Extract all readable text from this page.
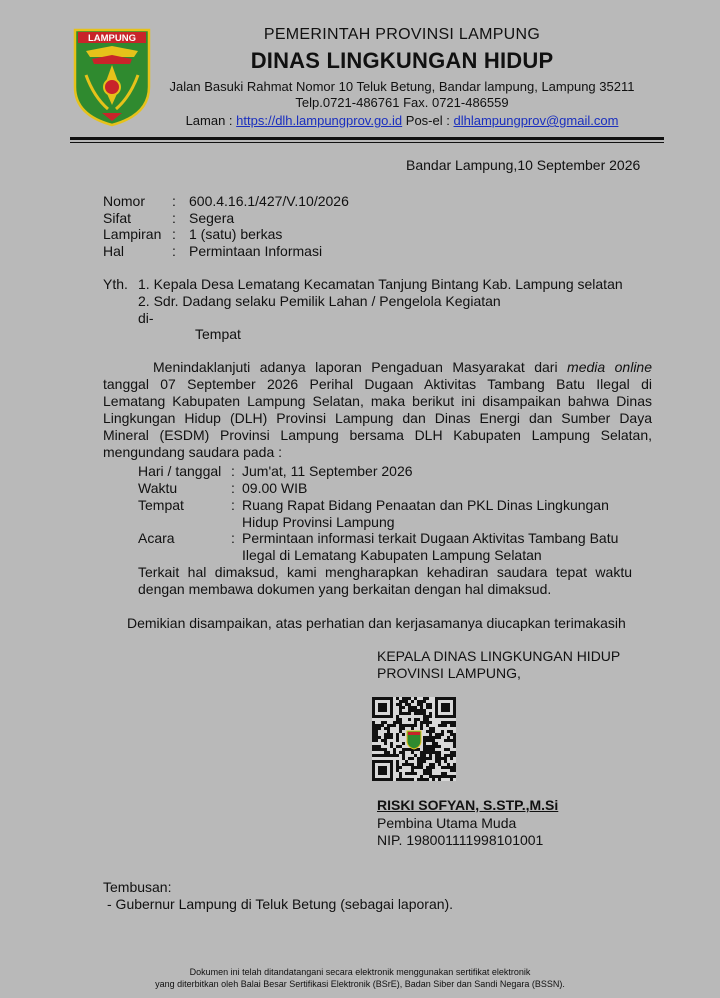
LAMPUNG	PEMERINTAH PROVINSI LAMPUNG
DINAS LINGKUNGAN HIDUP
Jalan Basuki Rahmat Nomor 10 Teluk Betung, Bandar lampung, Lampung 35211
Telp.0721-486761 Fax. 0721-486559
Laman : https://dlh.lampungprov.go.id Pos-el : dlhlampungprov@gmail.com
Bandar Lampung,10 September 2026
Nomor : 600.4.16.1/427/V.10/2026
Sifat	: Segera
Lampiran : 1 (satu) berkas
Hal	: Permintaan Informasi
Yth. 1. Kepala Desa Lematang Kecamatan Tanjung Bintang Kab. Lampung selatan
2. Sdr. Dadang selaku Pemilik Lahan / Pengelola Kegiatan
di-
Tempat
Menindaklanjuti adanya laporan Pengaduan Masyarakat dari media online
tanggal 07 September 2026 Perihal Dugaan Aktivitas Tambang Batu Ilegal di
Lematang Kabupaten Lampung Selatan, maka berikut ini disampaikan bahwa Dinas
Lingkungan Hidup (DLH) Provinsi Lampung dan Dinas Energi dan Sumber Daya
Mineral (ESDM) Provinsi Lampung bersama DLH Kabupaten Lampung Selatan,
mengundang saudara pada :
Hari / tanggal : Jum'at, 11 September 2026
Waktu	: 09.00 WIB
Tempat	: Ruang Rapat Bidang Penaatan dan PKL Dinas Lingkungan
Hidup Provinsi Lampung
Acara	: Permintaan informasi terkait Dugaan Aktivitas Tambang Batu
Ilegal di Lematang Kabupaten Lampung Selatan
Terkait hal dimaksud, kami mengharapkan kehadiran saudara tepat waktu
dengan membawa dokumen yang berkaitan dengan hal dimaksud.
Demikian disampaikan, atas perhatian dan kerjasamanya diucapkan terimakasih
KEPALA DINAS LINGKUNGAN HIDUP
PROVINSI LAMPUNG,
RISKI SOFYAN, S.STP.,M.Si
Pembina Utama Muda
NIP. 198001111998101001
Tembusan:
- Gubernur Lampung di Teluk Betung (sebagai laporan).
Dokumen ini telah ditandatangani secara elektronik menggunakan sertifikat elektronik
yang diterbitkan oleh Balai Besar Sertifikasi Elektronik (BSrE), Badan Siber dan Sandi Negara (BSSN).
